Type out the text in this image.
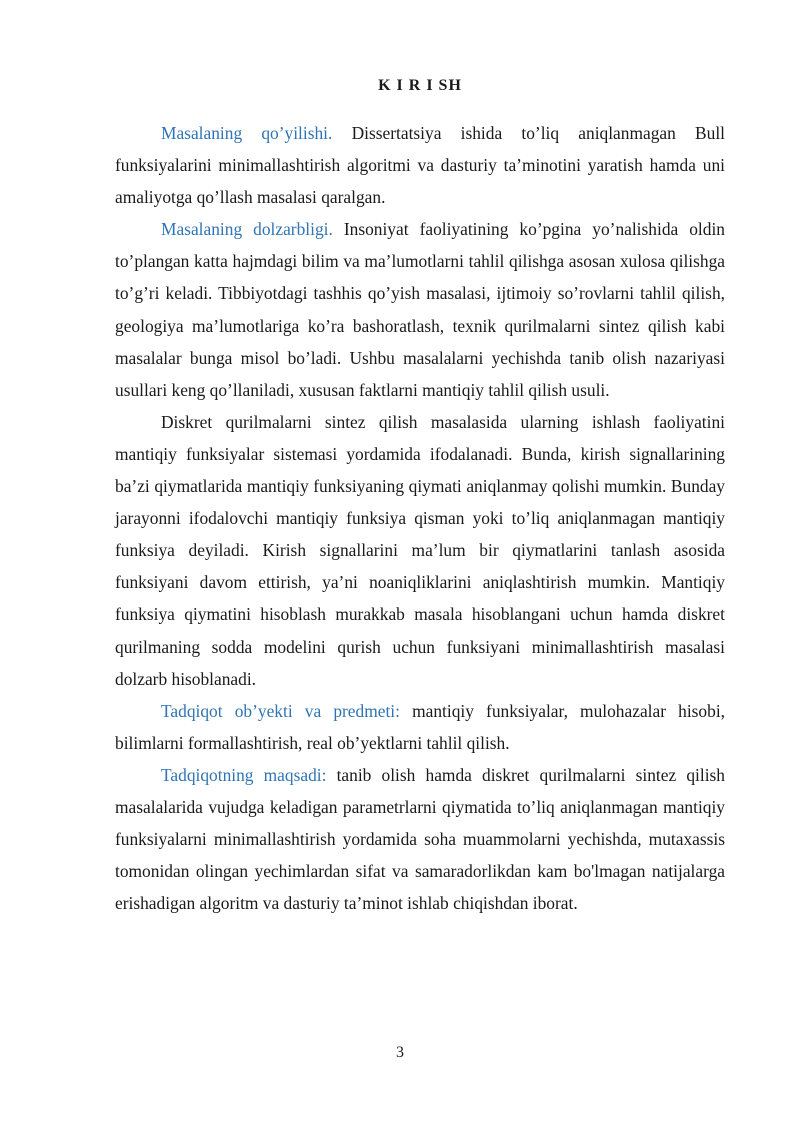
K I R I SH

Masalaning qo’yilishi. Dissertatsiya ishida to’liq aniqlanmagan Bull funksiyalarini minimallashtirish algoritmi va dasturiy ta’minotini yaratish hamda uni amaliyotga qo’llash masalasi qaralgan.

Masalaning dolzarbligi. Insoniyat faoliyatining ko’pgina yo’nalishida oldin to’plangan katta hajmdagi bilim va ma’lumotlarni tahlil qilishga asosan xulosa qilishga to’g’ri keladi. Tibbiyotdagi tashhis qo’yish masalasi, ijtimoiy so’rovlarni tahlil qilish, geologiya ma’lumotlariga ko’ra bashoratlash, texnik qurilmalarni sintez qilish kabi masalalar bunga misol bo’ladi. Ushbu masalalarni yechishda tanib olish nazariyasi usullari keng qo’llaniladi, xususan faktlarni mantiqiy tahlil qilish usuli.

Diskret qurilmalarni sintez qilish masalasida ularning ishlash faoliyatini mantiqiy funksiyalar sistemasi yordamida ifodalanadi. Bunda, kirish signallarining ba’zi qiymatlarida mantiqiy funksiyaning qiymati aniqlanmay qolishi mumkin. Bunday jarayonni ifodalovchi mantiqiy funksiya qisman yoki to’liq aniqlanmagan mantiqiy funksiya deyiladi. Kirish signallarini ma’lum bir qiymatlarini tanlash asosida funksiyani davom ettirish, ya’ni noaniqliklarini aniqlashtirish mumkin. Mantiqiy funksiya qiymatini hisoblash murakkab masala hisoblangani uchun hamda diskret qurilmaning sodda modelini qurish uchun funksiyani minimallashtirish masalasi dolzarb hisoblanadi.

Tadqiqot ob’yekti va predmeti: mantiqiy funksiyalar, mulohazalar hisobi, bilimlarni formallashtirish, real ob’yektlarni tahlil qilish.

Tadqiqotning maqsadi: tanib olish hamda diskret qurilmalarni sintez qilish masalalarida vujudga keladigan parametrlarni qiymatida to’liq aniqlanmagan mantiqiy funksiyalarni minimallashtirish yordamida soha muammolarni yechishda, mutaxassis tomonidan olingan yechimlardan sifat va samaradorlikdan kam bo'lmagan natijalarga erishadigan algoritm va dasturiy ta’minot ishlab chiqishdan iborat.

3
